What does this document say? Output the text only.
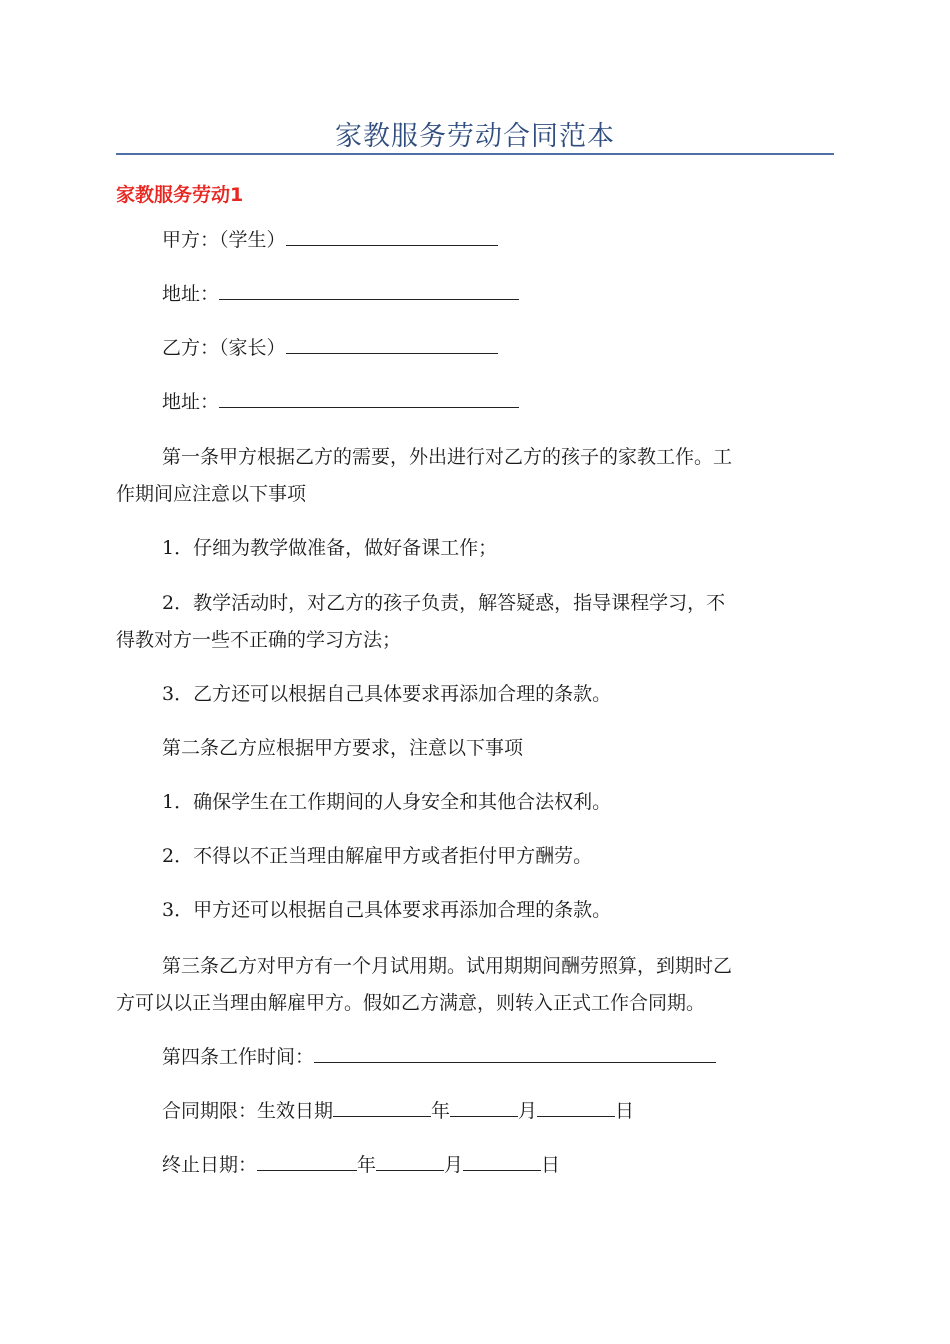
家教服务劳动合同范本
家教服务劳动1
甲方：（学生）
地址：
乙方：（家长）
地址：
第一条甲方根据乙方的需要，外出进行对乙方的孩子的家教工作。工
作期间应注意以下事项
1．仔细为教学做准备，做好备课工作；
2．教学活动时，对乙方的孩子负责，解答疑惑，指导课程学习，不
得教对方一些不正确的学习方法；
3．乙方还可以根据自己具体要求再添加合理的条款。
第二条乙方应根据甲方要求，注意以下事项
1．确保学生在工作期间的人身安全和其他合法权利。
2．不得以不正当理由解雇甲方或者拒付甲方酬劳。
3．甲方还可以根据自己具体要求再添加合理的条款。
第三条乙方对甲方有一个月试用期。试用期期间酬劳照算，到期时乙
方可以以正当理由解雇甲方。假如乙方满意，则转入正式工作合同期。
第四条工作时间：
合同期限：生效日期	年	月	日
终止日期：	年	月	日
